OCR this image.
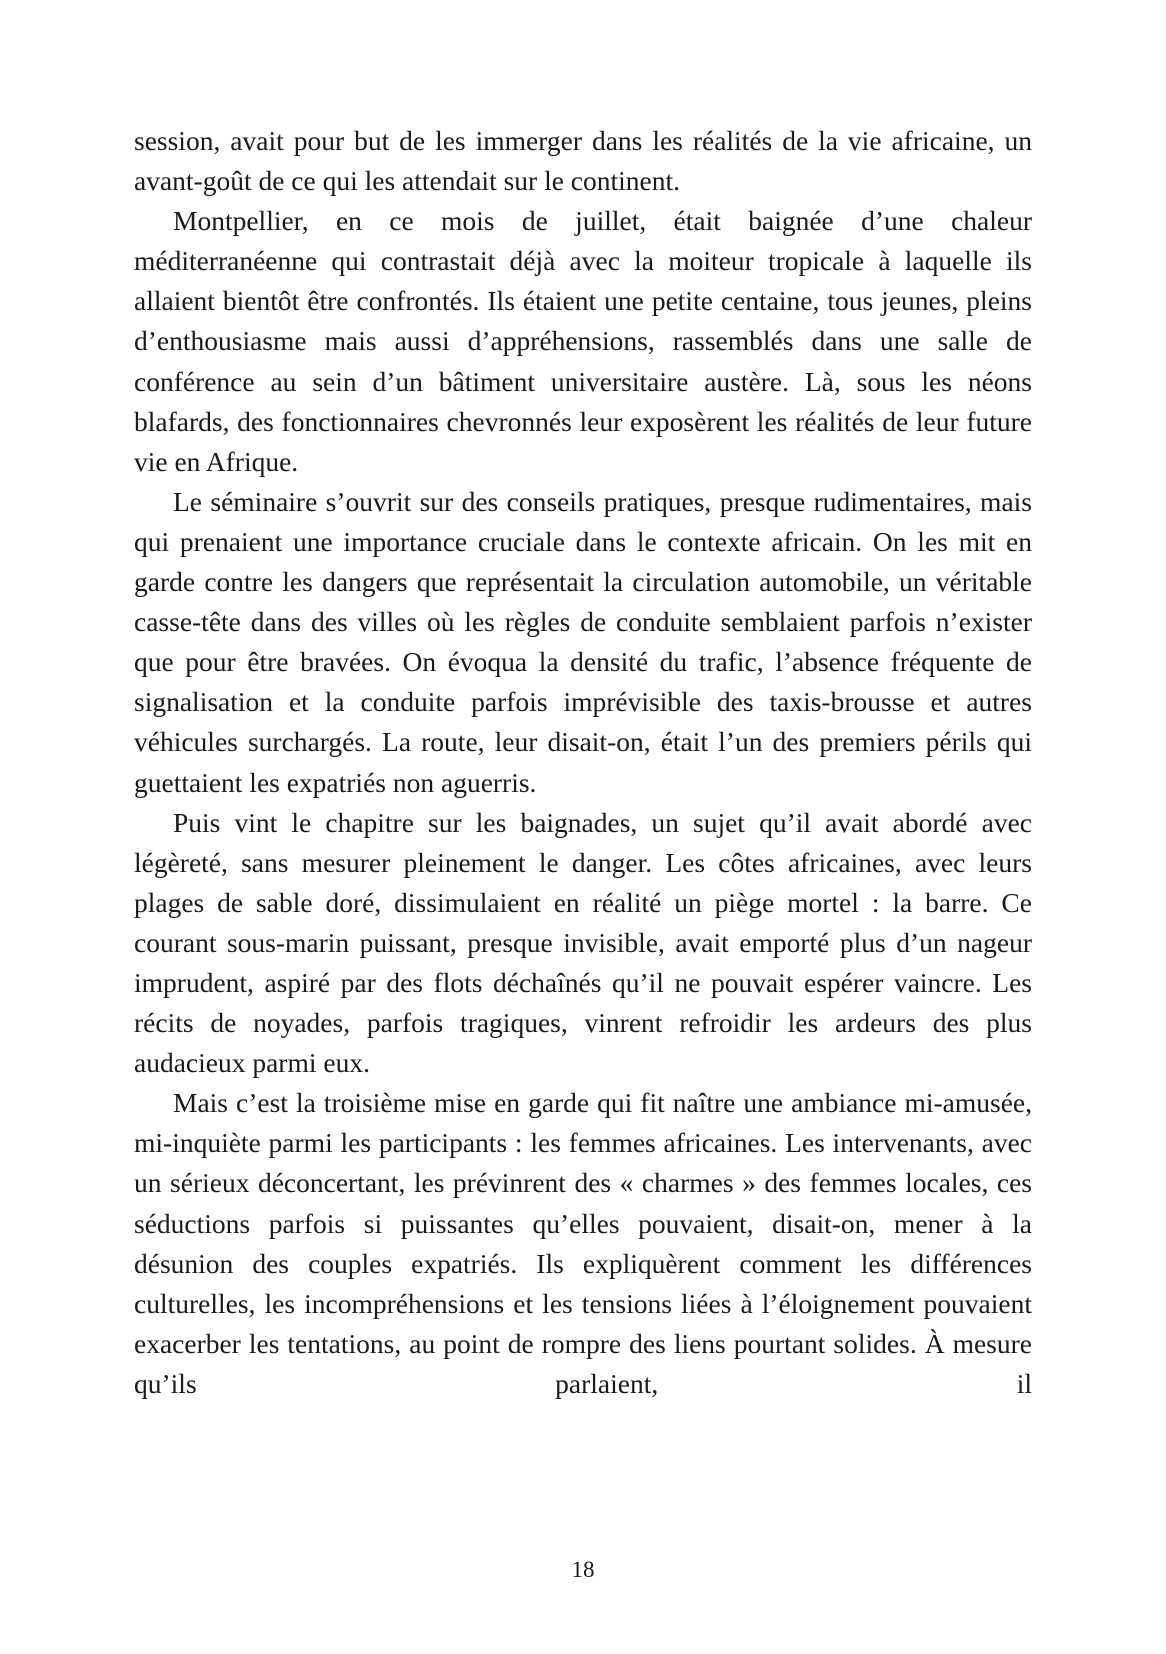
session, avait pour but de les immerger dans les réalités de la vie africaine, un avant-goût de ce qui les attendait sur le continent.

Montpellier, en ce mois de juillet, était baignée d’une chaleur méditerranéenne qui contrastait déjà avec la moiteur tropicale à laquelle ils allaient bientôt être confrontés. Ils étaient une petite centaine, tous jeunes, pleins d’enthousiasme mais aussi d’appréhensions, rassemblés dans une salle de conférence au sein d’un bâtiment universitaire austère. Là, sous les néons blafards, des fonctionnaires chevronnés leur exposèrent les réalités de leur future vie en Afrique.

Le séminaire s’ouvrit sur des conseils pratiques, presque rudimentaires, mais qui prenaient une importance cruciale dans le contexte africain. On les mit en garde contre les dangers que représentait la circulation automobile, un véritable casse-tête dans des villes où les règles de conduite semblaient parfois n’exister que pour être bravées. On évoqua la densité du trafic, l’absence fréquente de signalisation et la conduite parfois imprévisible des taxis-brousse et autres véhicules surchargés. La route, leur disait-on, était l’un des premiers périls qui guettaient les expatriés non aguerris.

Puis vint le chapitre sur les baignades, un sujet qu’il avait abordé avec légèreté, sans mesurer pleinement le danger. Les côtes africaines, avec leurs plages de sable doré, dissimulaient en réalité un piège mortel : la barre. Ce courant sous-marin puissant, presque invisible, avait emporté plus d’un nageur imprudent, aspiré par des flots déchaînés qu’il ne pouvait espérer vaincre. Les récits de noyades, parfois tragiques, vinrent refroidir les ardeurs des plus audacieux parmi eux.

Mais c’est la troisième mise en garde qui fit naître une ambiance mi-amusée, mi-inquiète parmi les participants : les femmes africaines. Les intervenants, avec un sérieux déconcertant, les prévinrent des « charmes » des femmes locales, ces séductions parfois si puissantes qu’elles pouvaient, disait-on, mener à la désunion des couples expatriés. Ils expliquèrent comment les différences culturelles, les incompréhensions et les tensions liées à l’éloignement pouvaient exacerber les tentations, au point de rompre des liens pourtant solides. À mesure qu’ils parlaient, il

18
